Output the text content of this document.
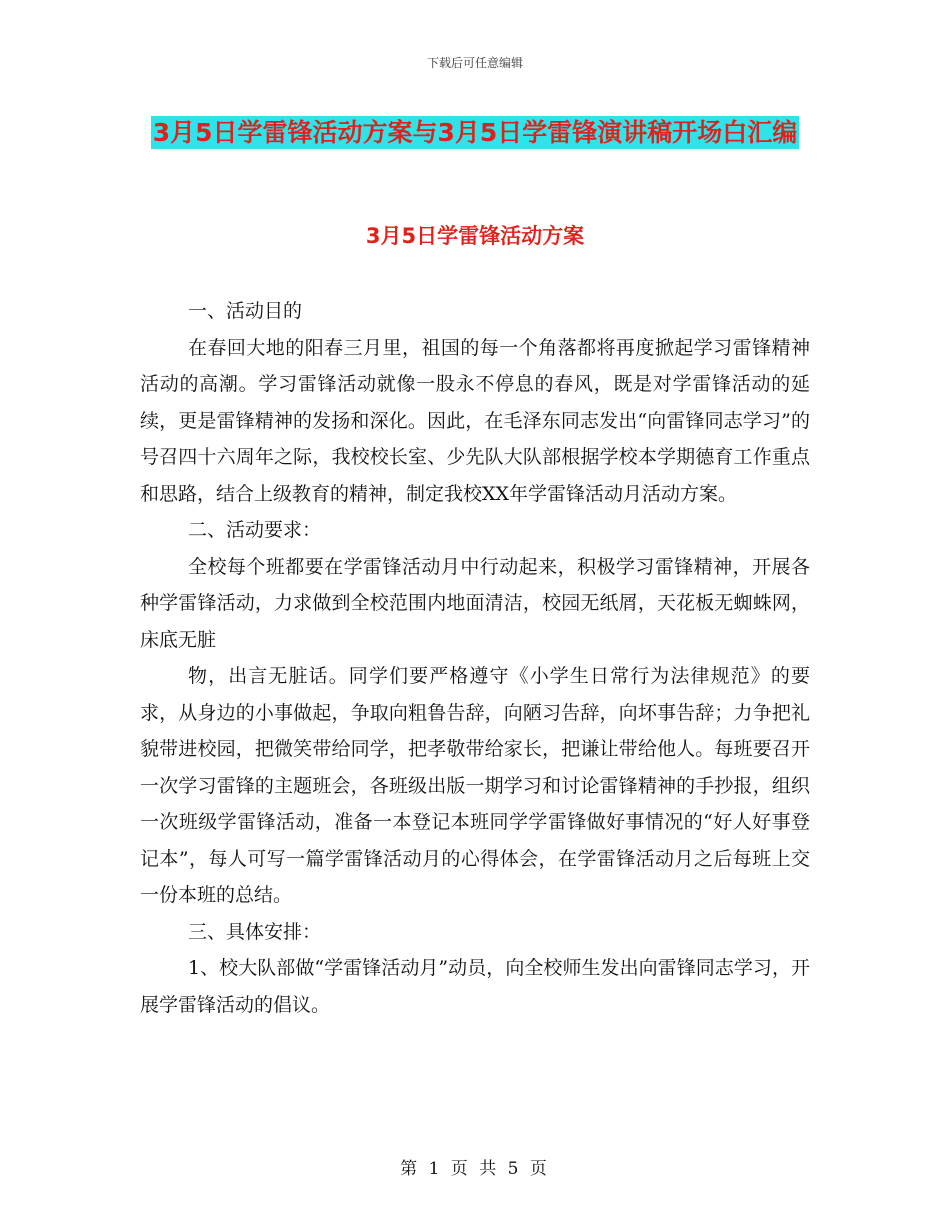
下载后可任意编辑
3月5日学雷锋活动方案与3月5日学雷锋演讲稿开场白汇编
3月5日学雷锋活动方案

一、活动目的

在春回大地的阳春三月里，祖国的每一个角落都将再度掀起学习雷锋精神活动的高潮。学习雷锋活动就像一股永不停息的春风，既是对学雷锋活动的延续，更是雷锋精神的发扬和深化。因此，在毛泽东同志发出“向雷锋同志学习”的号召四十六周年之际，我校校长室、少先队大队部根据学校本学期德育工作重点和思路，结合上级教育的精神，制定我校XX年学雷锋活动月活动方案。

二、活动要求：

全校每个班都要在学雷锋活动月中行动起来，积极学习雷锋精神，开展各种学雷锋活动，力求做到全校范围内地面清洁，校园无纸屑，天花板无蜘蛛网，床底无脏

物，出言无脏话。同学们要严格遵守《小学生日常行为法律规范》的要求，从身边的小事做起，争取向粗鲁告辞，向陋习告辞，向坏事告辞；力争把礼貌带进校园，把微笑带给同学，把孝敬带给家长，把谦让带给他人。每班要召开一次学习雷锋的主题班会，各班级出版一期学习和讨论雷锋精神的手抄报，组织一次班级学雷锋活动，准备一本登记本班同学学雷锋做好事情况的“好人好事登记本”，每人可写一篇学雷锋活动月的心得体会，在学雷锋活动月之后每班上交一份本班的总结。

三、具体安排：

1、校大队部做“学雷锋活动月”动员，向全校师生发出向雷锋同志学习，开展学雷锋活动的倡议。

第 1 页 共 5 页
